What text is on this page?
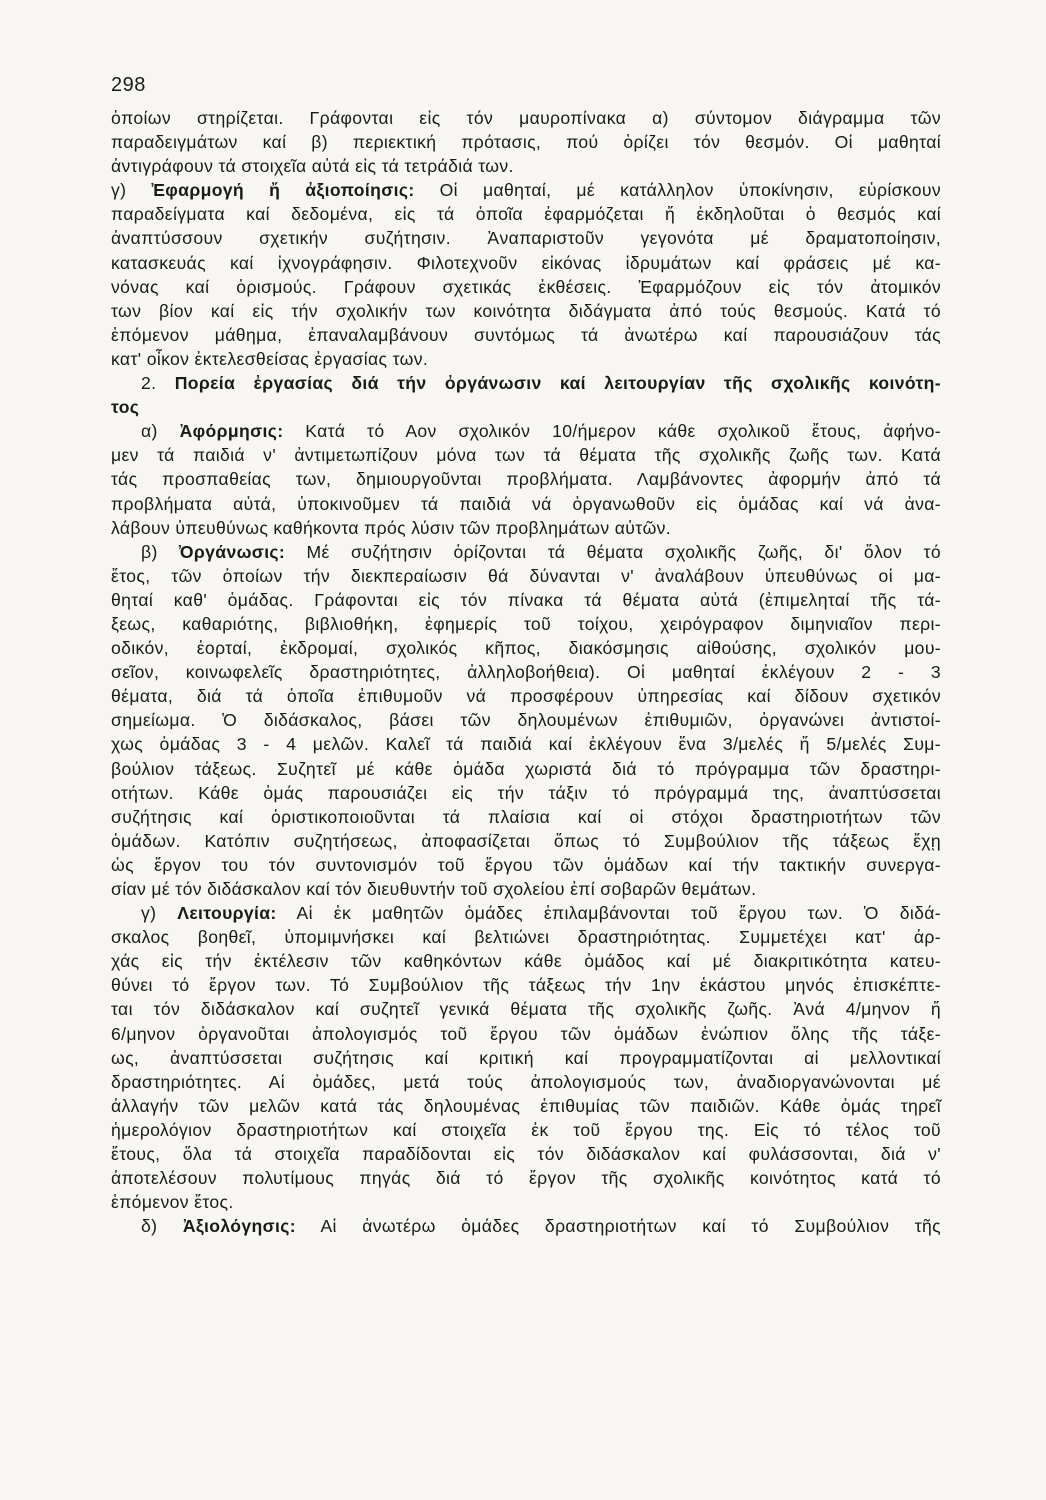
298
ὁποίων στηρίζεται. Γράφονται εἰς τόν μαυροπίνακα α) σύντομον διάγραμμα τῶν
παραδειγμάτων καί β) περιεκτική πρότασις, πού ὁρίζει τόν θεσμόν. Οἱ μαθηταί
ἀντιγράφουν τά στοιχεῖα αὐτά εἰς τά τετράδιά των.
γ) Ἐφαρμογή ἤ ἀξιοποίησις: Οἱ μαθηταί, μέ κατάλληλον ὑποκίνησιν, εὑρίσκουν
παραδείγματα καί δεδομένα, εἰς τά ὁποῖα ἐφαρμόζεται ἤ ἐκδηλοῦται ὁ θεσμός καί
ἀναπτύσσουν σχετικήν συζήτησιν. Ἀναπαριστοῦν γεγονότα μέ δραματοποίησιν,
κατασκευάς καί ἰχνογράφησιν. Φιλοτεχνοῦν εἰκόνας ἱδρυμάτων καί φράσεις μέ κα-
νόνας καί ὁρισμούς. Γράφουν σχετικάς ἐκθέσεις. Ἐφαρμόζουν εἰς τόν ἀτομικόν
των βίον καί εἰς τήν σχολικήν των κοινότητα διδάγματα ἀπό τούς θεσμούς. Κατά τό
ἑπόμενον μάθημα, ἐπαναλαμβάνουν συντόμως τά ἀνωτέρω καί παρουσιάζουν τάς
κατ' οἶκον ἐκτελεσθείσας ἐργασίας των.
2. Πορεία ἐργασίας διά τήν ὀργάνωσιν καί λειτουργίαν τῆς σχολικῆς κοινότη-
τος
α) Ἀφόρμησις: Κατά τό Αον σχολικόν 10/ήμερον κάθε σχολικοῦ ἔτους, ἀφήνο-
μεν τά παιδιά ν' ἀντιμετωπίζουν μόνα των τά θέματα τῆς σχολικῆς ζωῆς των. Κατά
τάς προσπαθείας των, δημιουργοῦνται προβλήματα. Λαμβάνοντες ἀφορμήν ἀπό τά
προβλήματα αὐτά, ὑποκινοῦμεν τά παιδιά νά ὀργανωθοῦν εἰς ὁμάδας καί νά ἀνα-
λάβουν ὑπευθύνως καθήκοντα πρός λύσιν τῶν προβλημάτων αὐτῶν.
β) Ὀργάνωσις: Μέ συζήτησιν ὁρίζονται τά θέματα σχολικῆς ζωῆς, δι' ὅλον τό
ἔτος, τῶν ὁποίων τήν διεκπεραίωσιν θά δύνανται ν' ἀναλάβουν ὑπευθύνως οἱ μα-
θηταί καθ' ὁμάδας. Γράφονται εἰς τόν πίνακα τά θέματα αὐτά (ἐπιμεληταί τῆς τά-
ξεως, καθαριότης, βιβλιοθήκη, ἐφημερίς τοῦ τοίχου, χειρόγραφον διμηνιαῖον περι-
οδικόν, ἑορταί, ἐκδρομαί, σχολικός κῆπος, διακόσμησις αἰθούσης, σχολικόν μου-
σεῖον, κοινωφελεῖς δραστηριότητες, ἀλληλοβοήθεια). Οἱ μαθηταί ἐκλέγουν 2 - 3
θέματα, διά τά ὁποῖα ἐπιθυμοῦν νά προσφέρουν ὑπηρεσίας καί δίδουν σχετικόν
σημείωμα. Ὁ διδάσκαλος, βάσει τῶν δηλουμένων ἐπιθυμιῶν, ὀργανώνει ἀντιστοί-
χως ὁμάδας 3 - 4 μελῶν. Καλεῖ τά παιδιά καί ἐκλέγουν ἕνα 3/μελές ἤ 5/μελές Συμ-
βούλιον τάξεως. Συζητεῖ μέ κάθε ὁμάδα χωριστά διά τό πρόγραμμα τῶν δραστηρι-
οτήτων. Κάθε ὁμάς παρουσιάζει εἰς τήν τάξιν τό πρόγραμμά της, ἀναπτύσσεται
συζήτησις καί ὁριστικοποιοῦνται τά πλαίσια καί οἱ στόχοι δραστηριοτήτων τῶν
ὁμάδων. Κατόπιν συζητήσεως, ἀποφασίζεται ὅπως τό Συμβούλιον τῆς τάξεως ἔχῃ
ὡς ἔργον του τόν συντονισμόν τοῦ ἔργου τῶν ὁμάδων καί τήν τακτικήν συνεργα-
σίαν μέ τόν διδάσκαλον καί τόν διευθυντήν τοῦ σχολείου ἐπί σοβαρῶν θεμάτων.
γ) Λειτουργία: Αἱ ἐκ μαθητῶν ὁμάδες ἐπιλαμβάνονται τοῦ ἔργου των. Ὁ διδά-
σκαλος βοηθεῖ, ὑπομιμνήσκει καί βελτιώνει δραστηριότητας. Συμμετέχει κατ' ἀρ-
χάς εἰς τήν ἐκτέλεσιν τῶν καθηκόντων κάθε ὁμάδος καί μέ διακριτικότητα κατευ-
θύνει τό ἔργον των. Τό Συμβούλιον τῆς τάξεως τήν 1ην ἑκάστου μηνός ἐπισκέπτε-
ται τόν διδάσκαλον καί συζητεῖ γενικά θέματα τῆς σχολικῆς ζωῆς. Ἀνά 4/μηνον ἤ
6/μηνον ὀργανοῦται ἀπολογισμός τοῦ ἔργου τῶν ὁμάδων ἐνώπιον ὅλης τῆς τάξε-
ως, ἀναπτύσσεται συζήτησις καί κριτική καί προγραμματίζονται αἱ μελλοντικαί
δραστηριότητες. Αἱ ὁμάδες, μετά τούς ἀπολογισμούς των, ἀναδιοργανώνονται μέ
ἀλλαγήν τῶν μελῶν κατά τάς δηλουμένας ἐπιθυμίας τῶν παιδιῶν. Κάθε ὁμάς τηρεῖ
ἡμερολόγιον δραστηριοτήτων καί στοιχεῖα ἐκ τοῦ ἔργου της. Εἰς τό τέλος τοῦ
ἔτους, ὅλα τά στοιχεῖα παραδίδονται εἰς τόν διδάσκαλον καί φυλάσσονται, διά ν'
ἀποτελέσουν πολυτίμους πηγάς διά τό ἔργον τῆς σχολικῆς κοινότητος κατά τό
ἑπόμενον ἔτος.
δ) Ἀξιολόγησις: Αἱ ἀνωτέρω ὁμάδες δραστηριοτήτων καί τό Συμβούλιον τῆς
